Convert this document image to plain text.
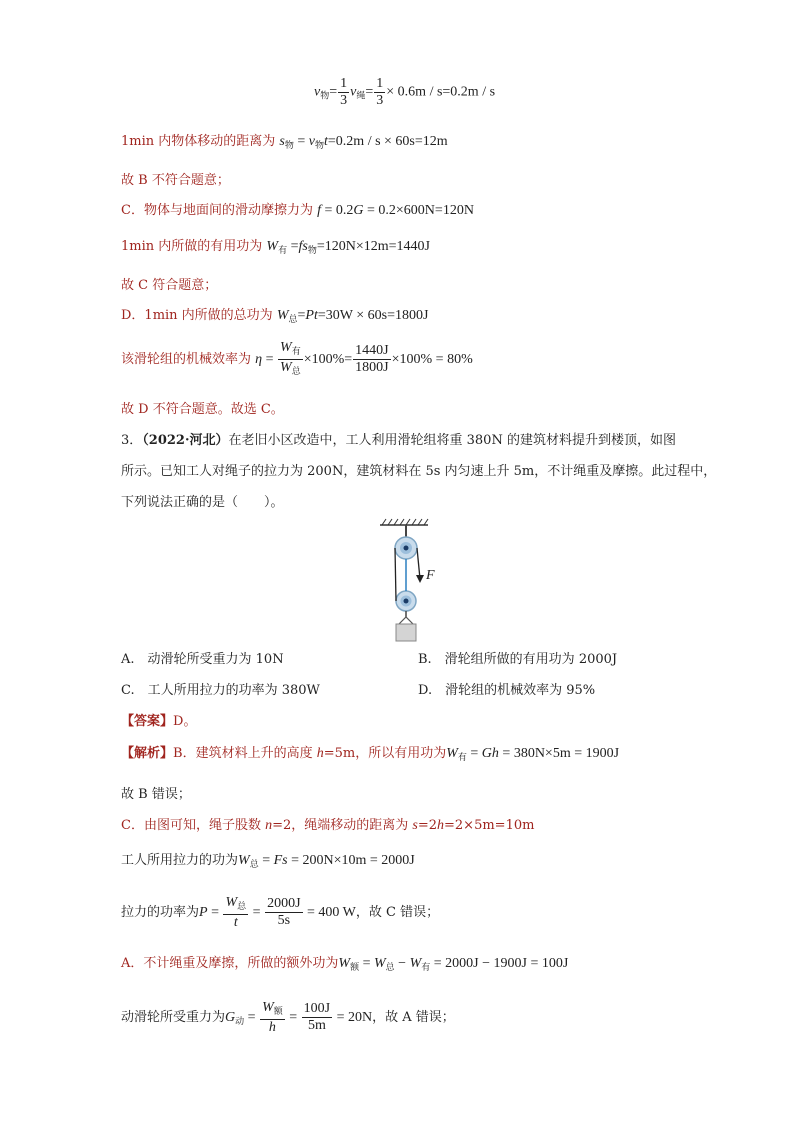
$v_物= \frac{1}{3} v_绳= \frac{1}{3} \times 0.6m / s=0.2m / s$
1min 内物体移动的距离为 $s_物 = v_物t=0.2m / s \times 60s=12m$
故 B 不符合题意；
C．物体与地面间的滑动摩擦力为 f = 0.2G = 0.2×600N=120N
1min 内所做的有用功为 $W_有 =fs_物=120N\times 12m=1440J$
故 C 符合题意；
D．1min 内所做的总功为 $W_总=Pt=30W \times 60s=1800J$
该滑轮组的机械效率为 $\eta = \frac{W_有}{W_总} \times 100\%= \frac{1440J}{1800J} \times 100\% = 80\%$
故 D 不符合题意。故选 C。
3．（2022·河北）在老旧小区改造中，工人利用滑轮组将重 380N 的建筑材料提升到楼顶，如图
所示。已知工人对绳子的拉力为 200N，建筑材料在 5s 内匀速上升 5m，不计绳重及摩擦。此过程中，
下列说法正确的是（　　）。
F
A.　动滑轮所受重力为 10N	B.　滑轮组所做的有用功为 2000J
C.　工人所用拉力的功率为 380W	D.　滑轮组的机械效率为 95%
【答案】D。
【解析】B．建筑材料上升的高度 h=5m，所以有用功为$W_有 = Gh = 380N\times 5m = 1900J$
故 B 错误；
C．由图可知，绳子股数 n=2，绳端移动的距离为 s=2h=2×5m=10m
工人所用拉力的功为$W_总 = Fs = 200N\times 10m = 2000J$
拉力的功率为$P = \frac{W_总}{t} = \frac{2000J}{5s} = 400$ W，故 C 错误；
A．不计绳重及摩擦，所做的额外功为$W_额 = W_总 - W_有 = 2000J - 1900J = 100J$
动滑轮所受重力为$G_动 = \frac{W_额}{h} = \frac{100J}{5m} = 20N$，故 A 错误；
